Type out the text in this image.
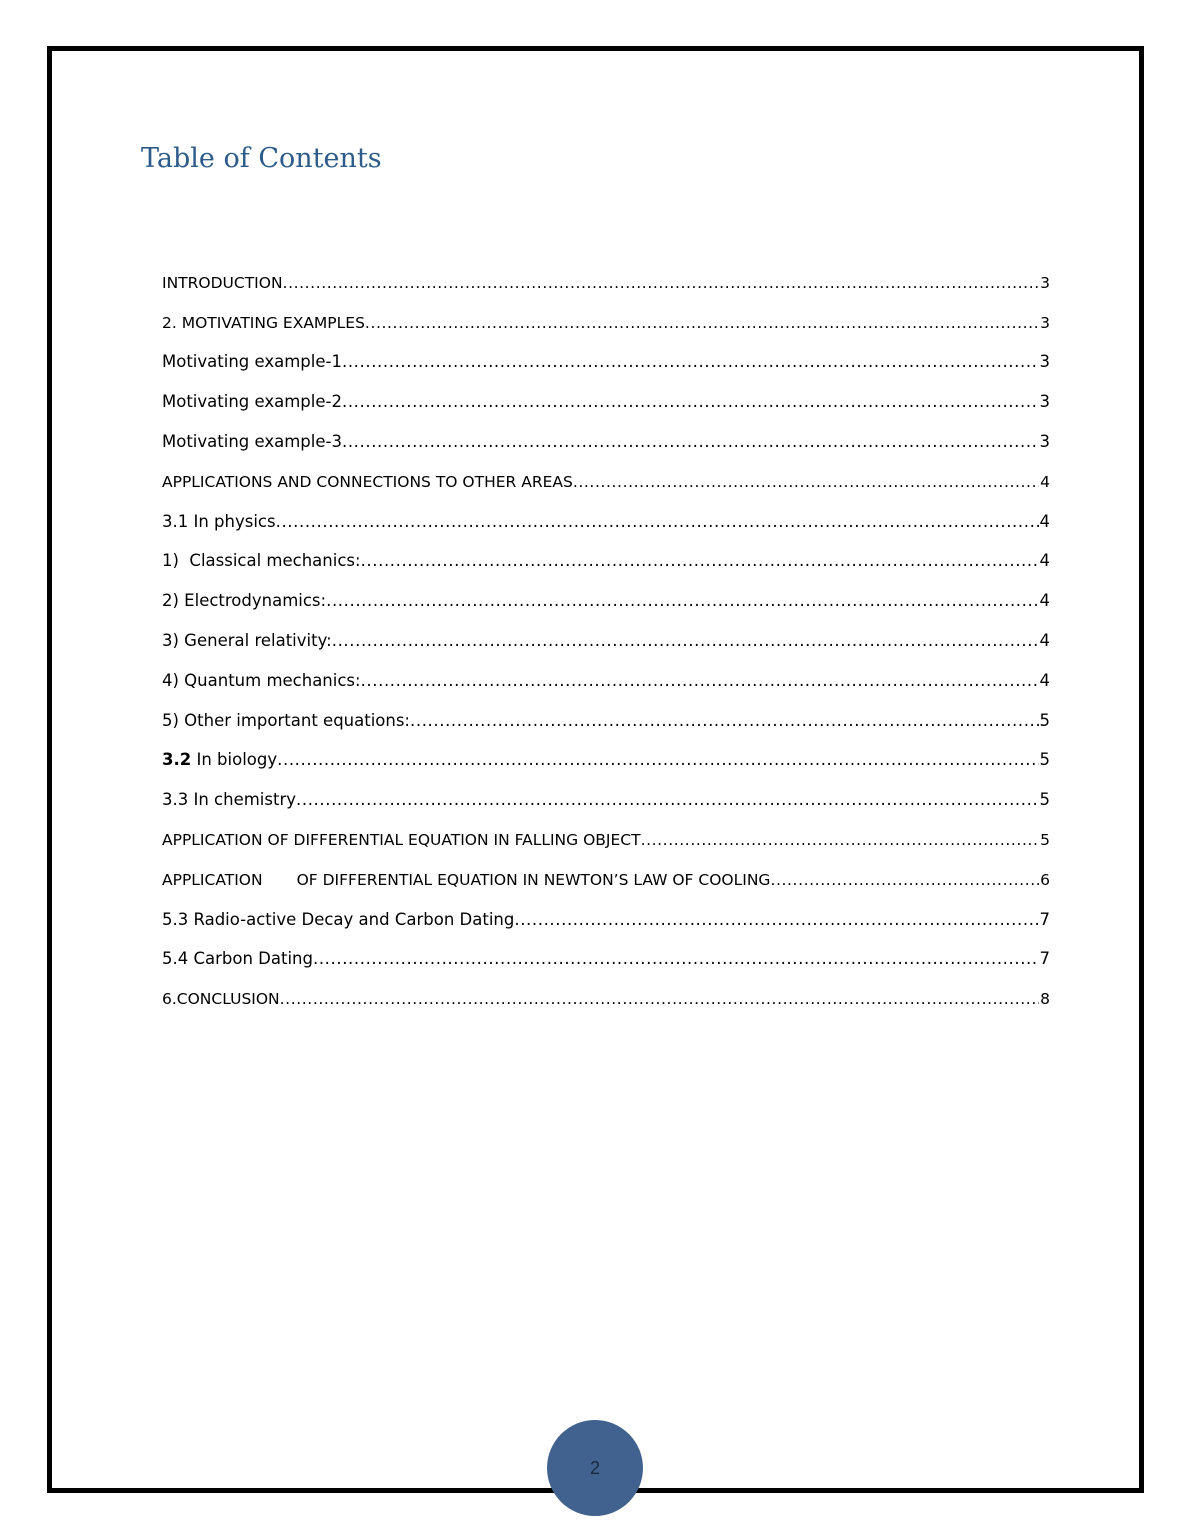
Table of Contents
INTRODUCTION .....	3
2. MOTIVATING EXAMPLES .....	3
Motivating example-1 .....	3
Motivating example-2 .....	3
Motivating example-3 .....	3
APPLICATIONS AND CONNECTIONS TO OTHER AREAS .....	4
3.1 In physics .....	4
1)  Classical mechanics: .....	4
2) Electrodynamics: .....	4
3) General relativity: .....	4
4) Quantum mechanics: .....	4
5) Other important equations: .....	5
3.2 In biology .....	5
3.3 In chemistry .....	5
APPLICATION OF DIFFERENTIAL EQUATION IN FALLING OBJECT .....	5
APPLICATION OF DIFFERENTIAL EQUATION IN NEWTON’S LAW OF COOLING .....	6
5.3 Radio-active Decay and Carbon Dating .....	7
5.4 Carbon Dating .....	7
6.CONCLUSION .....	8
2
